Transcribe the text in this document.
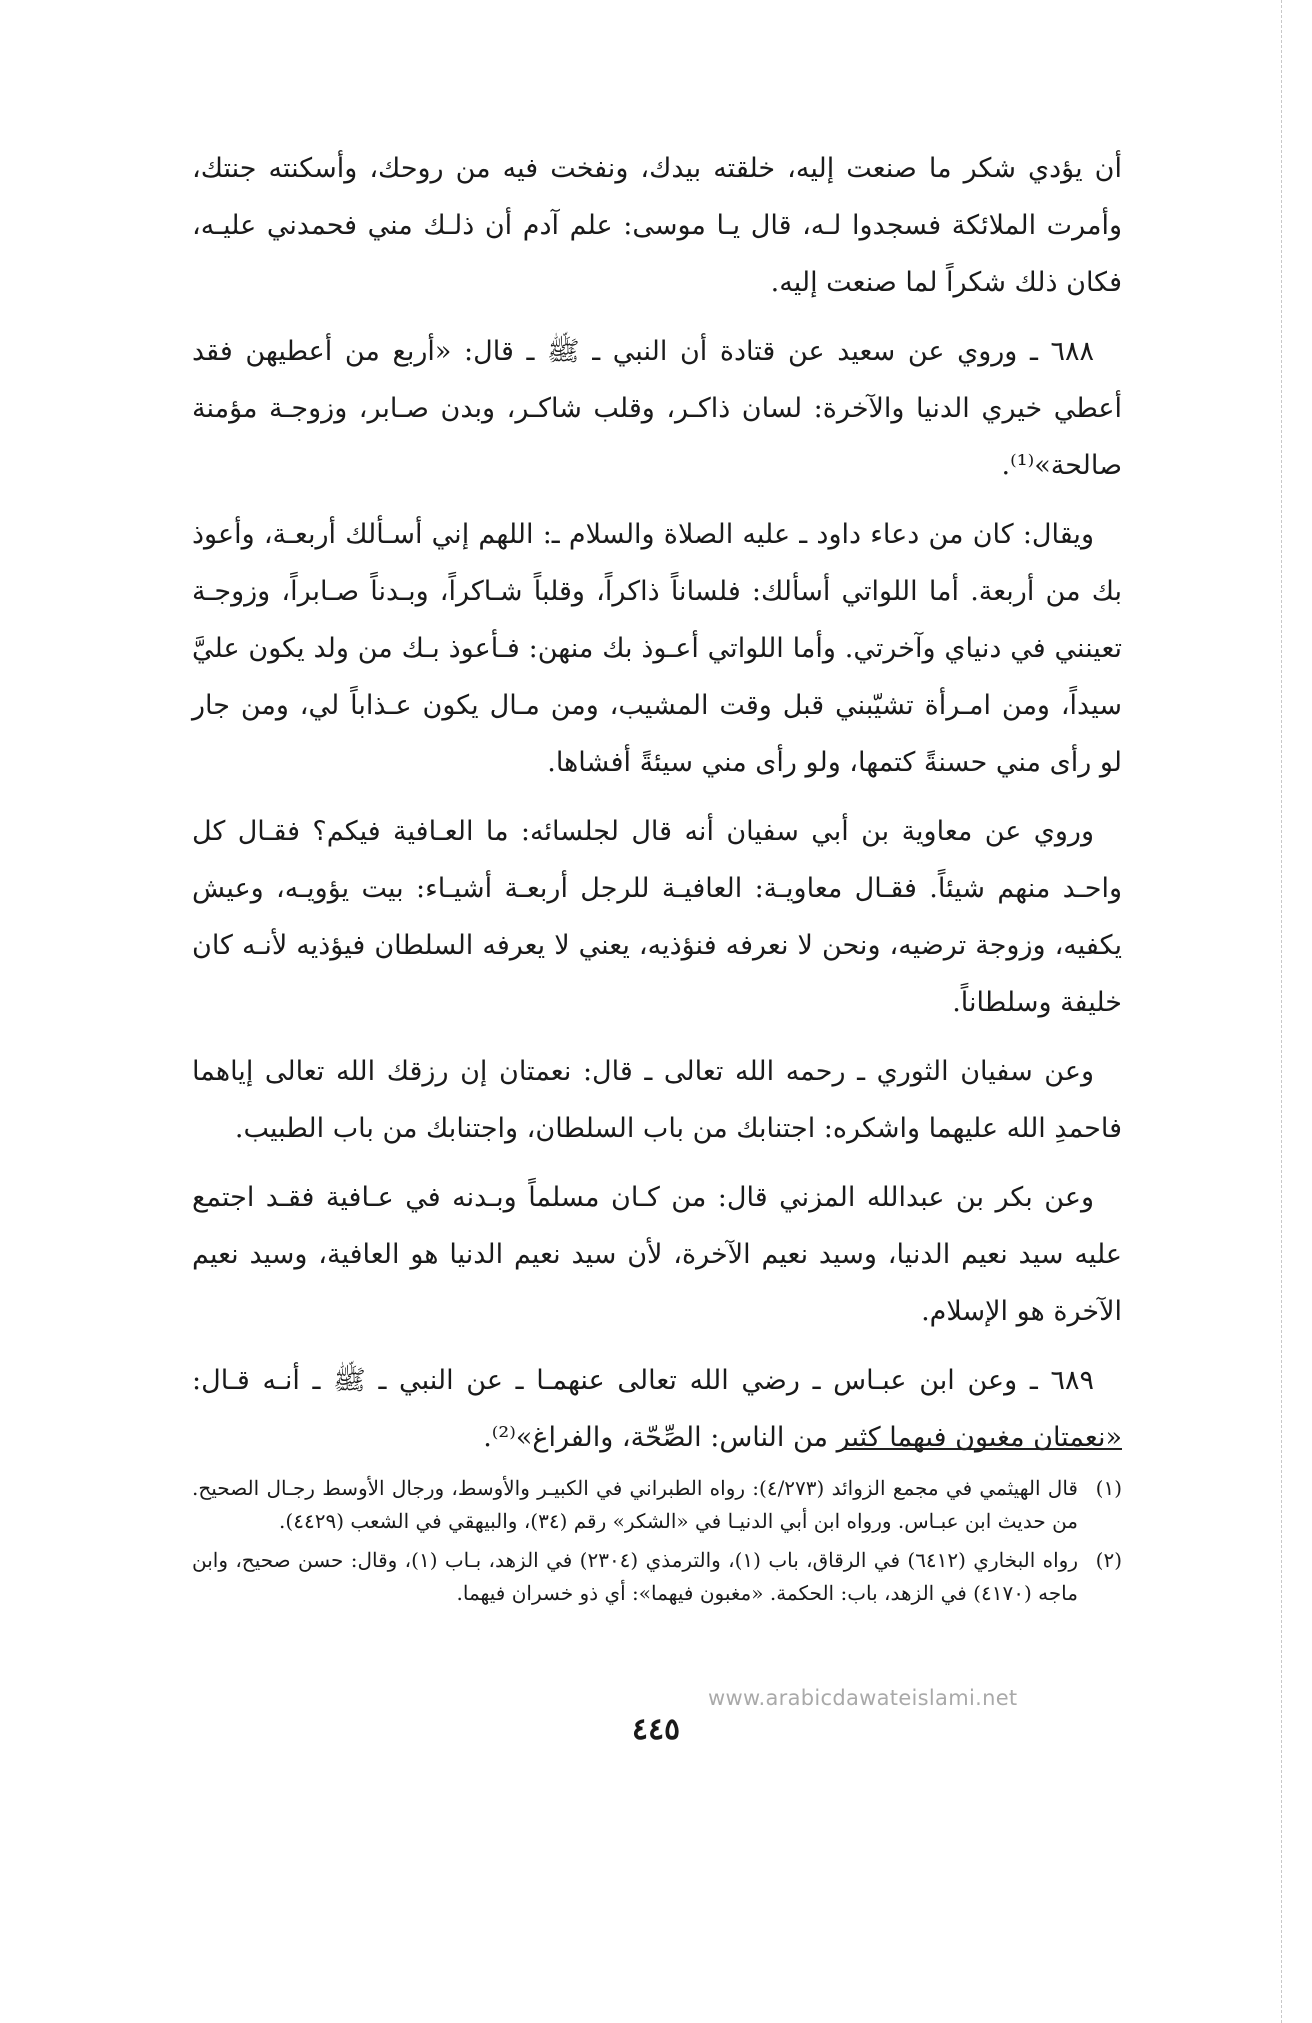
أن يؤدي شكر ما صنعت إليه، خلقته بيدك، ونفخت فيه من روحك، وأسكنته جنتك، وأمرت الملائكة فسجدوا لـه، قال يـا موسى: علم آدم أن ذلـك مني فحمدني عليـه، فكان ذلك شكراً لما صنعت إليه.

٦٨٨ ـ وروي عن سعيد عن قتادة أن النبي ـ ﷺ ـ قال: «أربع من أعطيهن فقد أعطي خيري الدنيا والآخرة: لسان ذاكـر، وقلب شاكـر، وبدن صـابر، وزوجـة مؤمنة صالحة»⁽¹⁾.

ويقال: كان من دعاء داود ـ عليه الصلاة والسلام ـ: اللهم إني أسـألك أربعـة، وأعوذ بك من أربعة. أما اللواتي أسألك: فلساناً ذاكراً، وقلباً شـاكراً، وبـدناً صـابراً، وزوجـة تعينني في دنياي وآخرتي. وأما اللواتي أعـوذ بك منهن: فـأعوذ بـك من ولد يكون عليَّ سيداً، ومن امـرأة تشيّبني قبل وقت المشيب، ومن مـال يكون عـذاباً لي، ومن جار لو رأى مني حسنةً كتمها، ولو رأى مني سيئةً أفشاها.

وروي عن معاوية بن أبي سفيان أنه قال لجلسائه: ما العـافية فيكم؟ فقـال كل واحـد منهم شيئاً. فقـال معاويـة: العافيـة للرجل أربعـة أشيـاء: بيت يؤويـه، وعيش يكفيه، وزوجة ترضيه، ونحن لا نعرفه فنؤذيه، يعني لا يعرفه السلطان فيؤذيه لأنـه كان خليفة وسلطاناً.

وعن سفيان الثوري ـ رحمه الله تعالى ـ قال: نعمتان إن رزقك الله تعالى إياهما فاحمدِ الله عليهما واشكره: اجتنابك من باب السلطان، واجتنابك من باب الطبيب.

وعن بكر بن عبدالله المزني قال: من كـان مسلماً وبـدنه في عـافية فقـد اجتمع عليه سيد نعيم الدنيا، وسيد نعيم الآخرة، لأن سيد نعيم الدنيا هو العافية، وسيد نعيم الآخرة هو الإسلام.

٦٨٩ ـ وعن ابن عبـاس ـ رضي الله تعالى عنهمـا ـ عن النبي ـ ﷺ ـ أنـه قـال: «نعمتان مغبون فيهما كثير من الناس: الصِّحّة، والفراغ»⁽²⁾.

(١)
قال الهيثمي في مجمع الزوائد (٤/٢٧٣): رواه الطبراني في الكبيـر والأوسط، ورجال الأوسط رجـال الصحيح. من حديث ابن عبـاس. ورواه ابن أبي الدنيـا في «الشكر» رقم (٣٤)، والبيهقي في الشعب (٤٤٢٩).
(٢)
رواه البخاري (٦٤١٢) في الرقاق، باب (١)، والترمذي (٢٣٠٤) في الزهد، بـاب (١)، وقال: حسن صحيح، وابن ماجه (٤١٧٠) في الزهد، باب: الحكمة. «مغبون فيهما»: أي ذو خسران فيهما.
www.arabicdawateislami.net
٤٤٥
